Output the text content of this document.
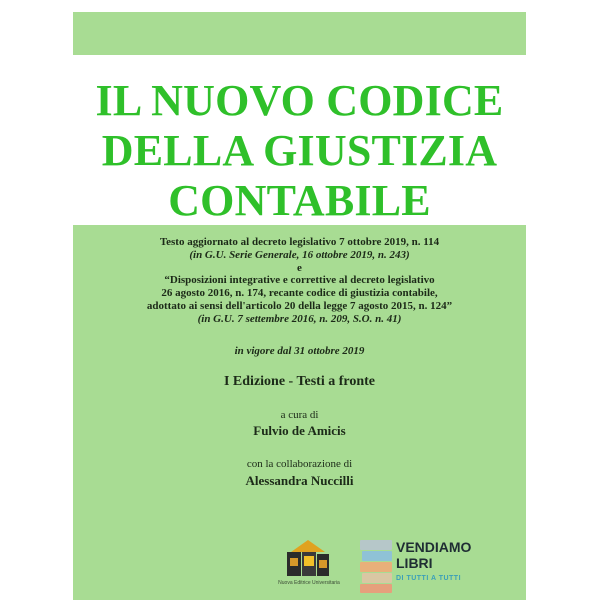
IL NUOVO CODICE
DELLA GIUSTIZIA
CONTABILE
Testo aggiornato al decreto legislativo 7 ottobre 2019, n. 114
(in G.U. Serie Generale, 16 ottobre 2019, n. 243)
e
“Disposizioni integrative e correttive al decreto legislativo
26 agosto 2016, n. 174, recante codice di giustizia contabile,
adottato ai sensi dell'articolo 20 della legge 7 agosto 2015, n. 124”
(in G.U. 7 settembre 2016, n. 209, S.O. n. 41)
in vigore dal 31 ottobre 2019
I Edizione - Testi a fronte
a cura di
Fulvio de Amicis
con la collaborazione di
Alessandra Nuccilli
Nuova Editrice Universitaria
VENDIAMO
LIBRI
DI TUTTI A TUTTI
